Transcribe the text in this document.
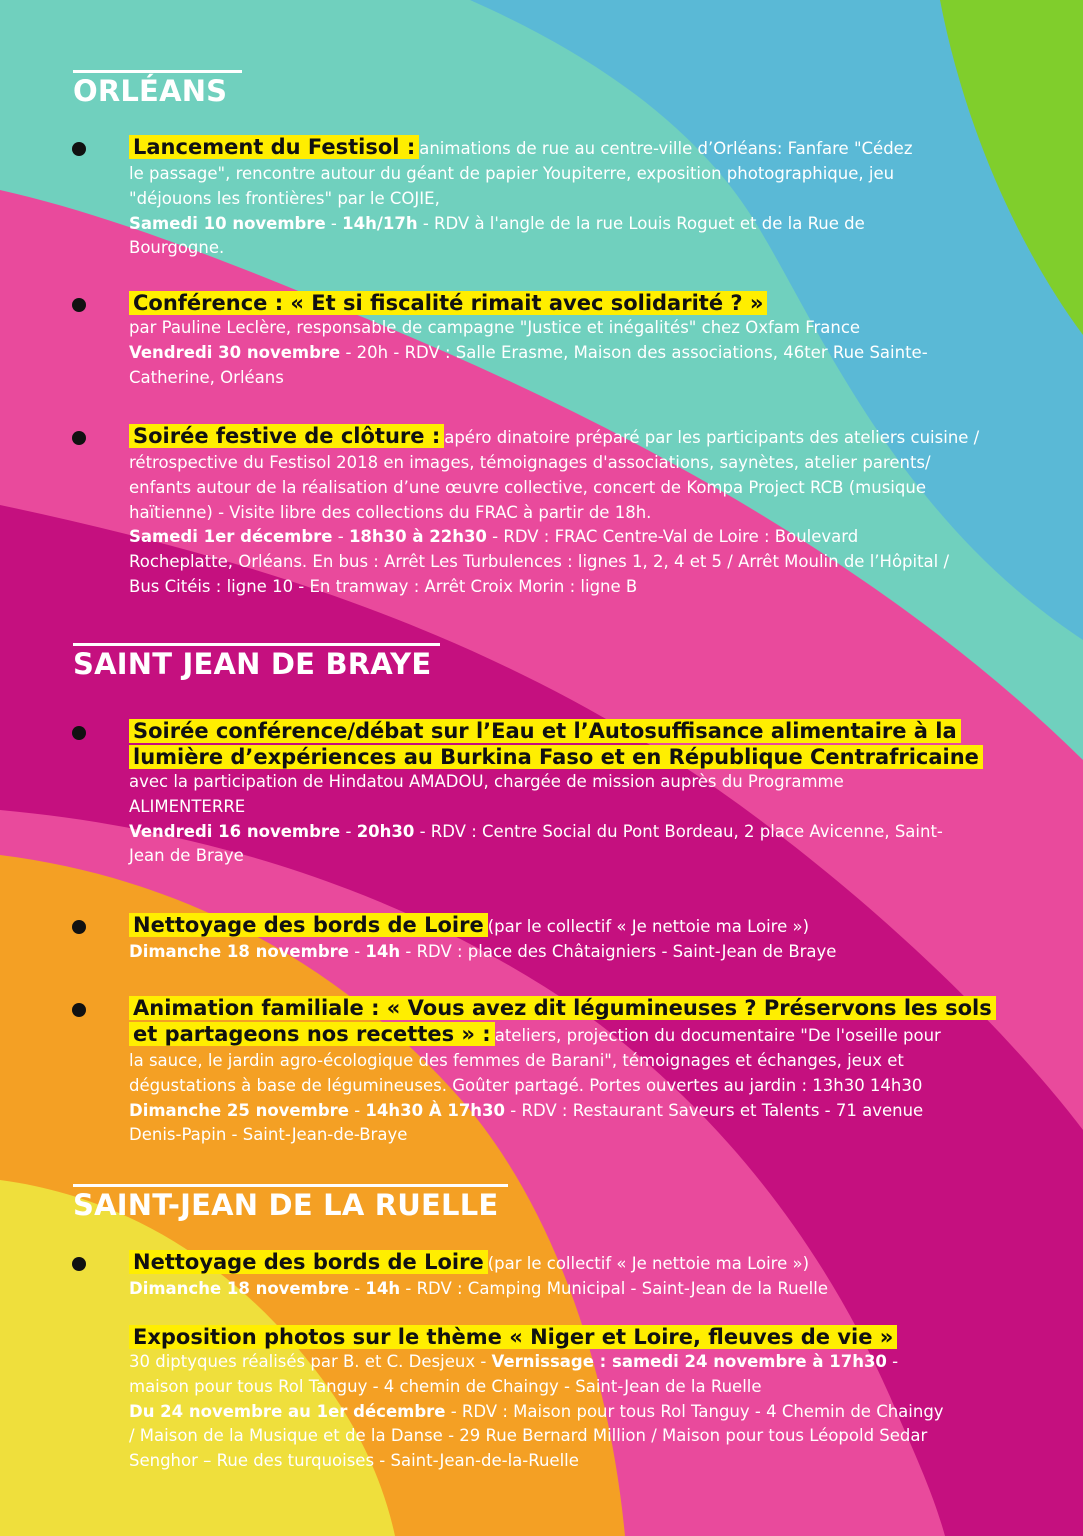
ORLÉANS
Lancement du Festisol : animations de rue au centre-ville d’Orléans: Fanfare "Cédez
le passage", rencontre autour du géant de papier Youpiterre, exposition photographique, jeu
"déjouons les frontières" par le COJIE,
Samedi 10 novembre - 14h/17h - RDV à l'angle de la rue Louis Roguet et de la Rue de
Bourgogne.
Conférence : « Et si fiscalité rimait avec solidarité ? »
par Pauline Leclère, responsable de campagne "Justice et inégalités" chez Oxfam France
Vendredi 30 novembre - 20h - RDV : Salle Erasme, Maison des associations, 46ter Rue Sainte-
Catherine, Orléans
Soirée festive de clôture : apéro dinatoire préparé par les participants des ateliers cuisine /
rétrospective du Festisol 2018 en images, témoignages d'associations, saynètes, atelier parents/
enfants autour de la réalisation d’une œuvre collective, concert de Kompa Project RCB (musique
haïtienne) - Visite libre des collections du FRAC à partir de 18h.
Samedi 1er décembre - 18h30 à 22h30 - RDV : FRAC Centre-Val de Loire : Boulevard
Rocheplatte, Orléans. En bus : Arrêt Les Turbulences : lignes 1, 2, 4 et 5 / Arrêt Moulin de l’Hôpital /
Bus Citéis : ligne 10 - En tramway : Arrêt Croix Morin : ligne B
SAINT JEAN DE BRAYE
Soirée conférence/débat sur l’Eau et l’Autosuffisance alimentaire à la
lumière d’expériences au Burkina Faso et en République Centrafricaine
avec la participation de Hindatou AMADOU, chargée de mission auprès du Programme
ALIMENTERRE
Vendredi 16 novembre - 20h30 - RDV : Centre Social du Pont Bordeau, 2 place Avicenne, Saint-
Jean de Braye
Nettoyage des bords de Loire (par le collectif « Je nettoie ma Loire »)
Dimanche 18 novembre - 14h - RDV : place des Châtaigniers - Saint-Jean de Braye
Animation familiale : « Vous avez dit légumineuses ? Préservons les sols
et partageons nos recettes » : ateliers, projection du documentaire "De l'oseille pour
la sauce, le jardin agro-écologique des femmes de Barani", témoignages et échanges, jeux et
dégustations à base de légumineuses. Goûter partagé. Portes ouvertes au jardin : 13h30 14h30
Dimanche 25 novembre - 14h30 À 17h30 - RDV : Restaurant Saveurs et Talents - 71 avenue
Denis-Papin - Saint-Jean-de-Braye
SAINT-JEAN DE LA RUELLE
Nettoyage des bords de Loire (par le collectif « Je nettoie ma Loire »)
Dimanche 18 novembre - 14h - RDV : Camping Municipal - Saint-Jean de la Ruelle
Exposition photos sur le thème « Niger et Loire, fleuves de vie »
30 diptyques réalisés par B. et C. Desjeux - Vernissage : samedi 24 novembre à 17h30 -
maison pour tous Rol Tanguy - 4 chemin de Chaingy - Saint-Jean de la Ruelle
Du 24 novembre au 1er décembre - RDV : Maison pour tous Rol Tanguy - 4 Chemin de Chaingy
/ Maison de la Musique et de la Danse - 29 Rue Bernard Million / Maison pour tous Léopold Sedar
Senghor – Rue des turquoises - Saint-Jean-de-la-Ruelle
